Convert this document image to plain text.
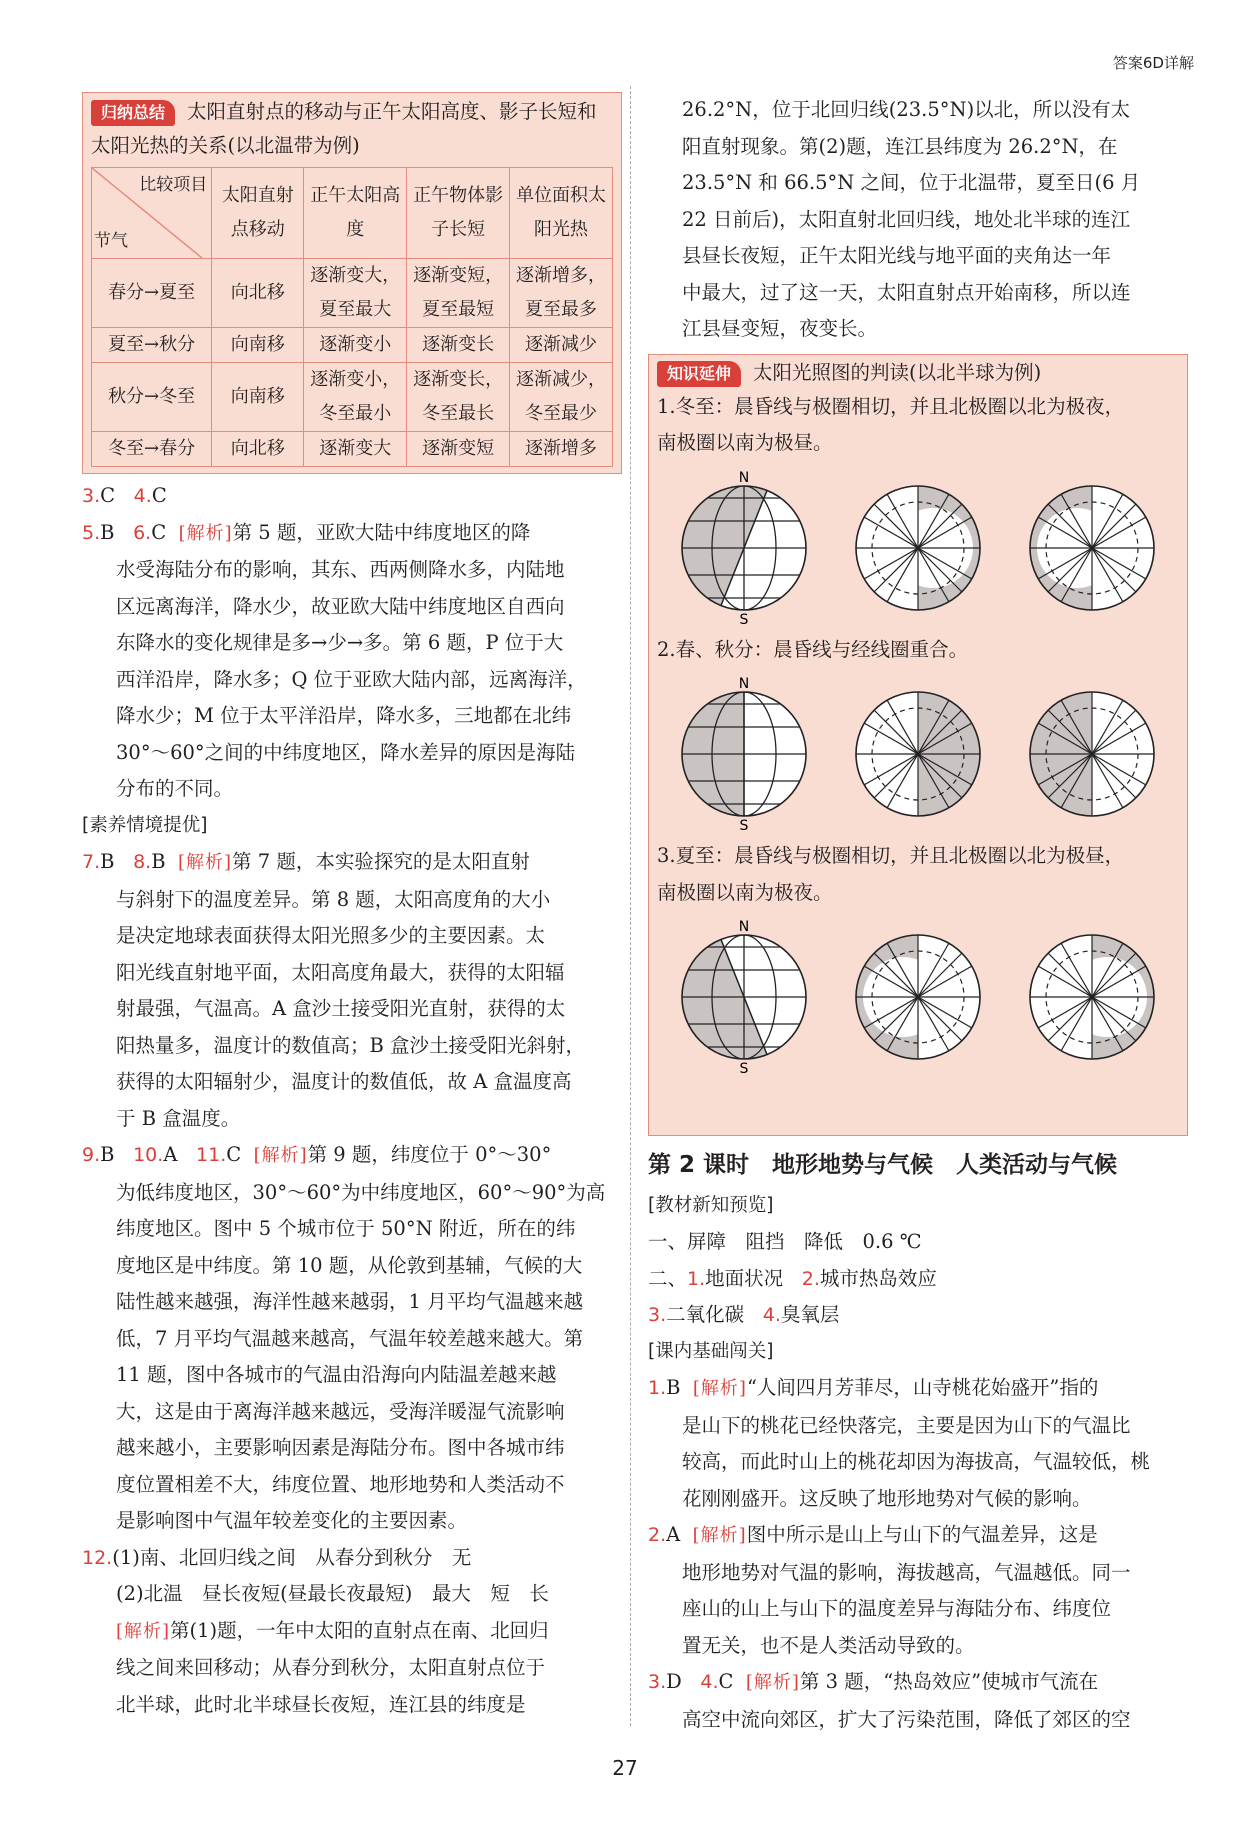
答案6D详解

归纳总结 太阳直射点的移动与正午太阳高度、影子长短和太阳光热的关系(以北温带为例)

比较项目
节气	太阳直射点移动	正午太阳高度	正午物体影子长短	单位面积太阳光热
春分→夏至	向北移	逐渐变大，夏至最大	逐渐变短，夏至最短	逐渐增多，夏至最多
夏至→秋分	向南移	逐渐变小	逐渐变长	逐渐减少
秋分→冬至	向南移	逐渐变小，冬至最小	逐渐变长，冬至最长	逐渐减少，冬至最少
冬至→春分	向北移	逐渐变大	逐渐变短	逐渐增多

3.C 4.C

5.B 6.C [解析]第 5 题，亚欧大陆中纬度地区的降

水受海陆分布的影响，其东、西两侧降水多，内陆地

区远离海洋，降水少，故亚欧大陆中纬度地区自西向

东降水的变化规律是多→少→多。第 6 题，P 位于大

西洋沿岸，降水多；Q 位于亚欧大陆内部，远离海洋，

降水少；M 位于太平洋沿岸，降水多，三地都在北纬

30°～60°之间的中纬度地区，降水差异的原因是海陆

分布的不同。

[素养情境提优]

7.B 8.B [解析]第 7 题，本实验探究的是太阳直射

与斜射下的温度差异。第 8 题，太阳高度角的大小

是决定地球表面获得太阳光照多少的主要因素。太

阳光线直射地平面，太阳高度角最大，获得的太阳辐

射最强，气温高。A 盒沙土接受阳光直射，获得的太

阳热量多，温度计的数值高；B 盒沙土接受阳光斜射，

获得的太阳辐射少，温度计的数值低，故 A 盒温度高

于 B 盒温度。

9.B 10.A 11.C [解析]第 9 题，纬度位于 0°～30°

为低纬度地区，30°～60°为中纬度地区，60°～90°为高

纬度地区。图中 5 个城市位于 50°N 附近，所在的纬

度地区是中纬度。第 10 题，从伦敦到基辅，气候的大

陆性越来越强，海洋性越来越弱，1 月平均气温越来越

低，7 月平均气温越来越高，气温年较差越来越大。第

11 题，图中各城市的气温由沿海向内陆温差越来越

大，这是由于离海洋越来越远，受海洋暖湿气流影响

越来越小，主要影响因素是海陆分布。图中各城市纬

度位置相差不大，纬度位置、地形地势和人类活动不

是影响图中气温年较差变化的主要因素。

12.(1)南、北回归线之间　从春分到秋分　无

(2)北温　昼长夜短(昼最长夜最短)　最大　短　长

[解析]第(1)题，一年中太阳的直射点在南、北回归

线之间来回移动；从春分到秋分，太阳直射点位于

北半球，此时北半球昼长夜短，连江县的纬度是

26.2°N，位于北回归线(23.5°N)以北，所以没有太

阳直射现象。第(2)题，连江县纬度为 26.2°N，在

23.5°N 和 66.5°N 之间，位于北温带，夏至日(6 月

22 日前后)，太阳直射北回归线，地处北半球的连江

县昼长夜短，正午太阳光线与地平面的夹角达一年

中最大，过了这一天，太阳直射点开始南移，所以连

江县昼变短，夜变长。

知识延伸 太阳光照图的判读(以北半球为例)

1.冬至：晨昏线与极圈相切，并且北极圈以北为极夜，

南极圈以南为极昼。

N
S

2.春、秋分：晨昏线与经线圈重合。

N
S

3.夏至：晨昏线与极圈相切，并且北极圈以北为极昼，

南极圈以南为极夜。

N
S

第 2 课时　地形地势与气候　人类活动与气候

[教材新知预览]

一、屏障　阻挡　降低　0.6 ℃

二、1.地面状况 2.城市热岛效应

3.二氧化碳 4.臭氧层

[课内基础闯关]

1.B [解析]“人间四月芳菲尽，山寺桃花始盛开”指的

是山下的桃花已经快落完，主要是因为山下的气温比

较高，而此时山上的桃花却因为海拔高，气温较低，桃

花刚刚盛开。这反映了地形地势对气候的影响。

2.A [解析]图中所示是山上与山下的气温差异，这是

地形地势对气温的影响，海拔越高，气温越低。同一

座山的山上与山下的温度差异与海陆分布、纬度位

置无关，也不是人类活动导致的。

3.D 4.C [解析]第 3 题，“热岛效应”使城市气流在

高空中流向郊区，扩大了污染范围，降低了郊区的空

27
